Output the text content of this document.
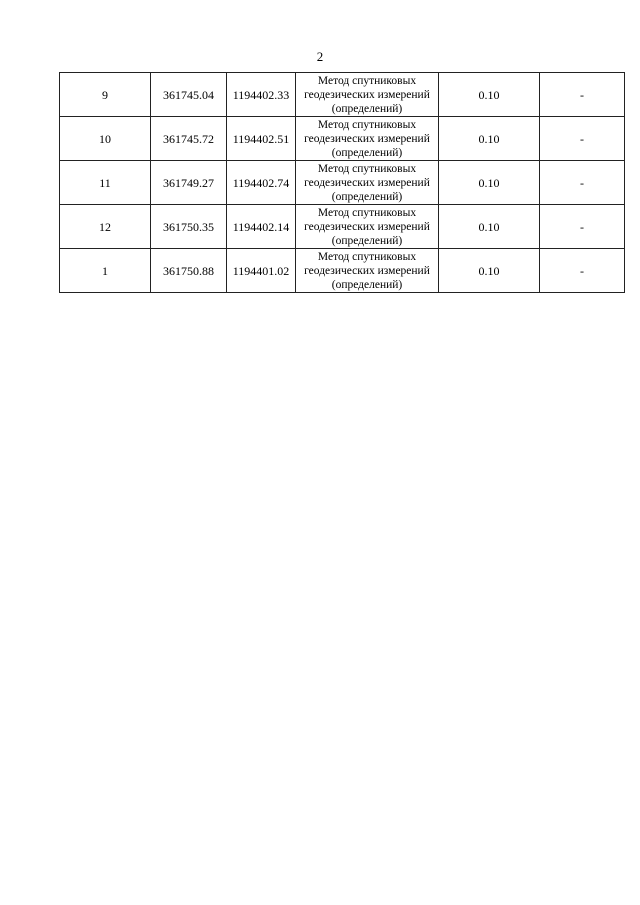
2
9	361745.04	1194402.33	Метод спутниковых
геодезических измерений
(определений)	0.10	-
10	361745.72	1194402.51	Метод спутниковых
геодезических измерений
(определений)	0.10	-
11	361749.27	1194402.74	Метод спутниковых
геодезических измерений
(определений)	0.10	-
12	361750.35	1194402.14	Метод спутниковых
геодезических измерений
(определений)	0.10	-
1	361750.88	1194401.02	Метод спутниковых
геодезических измерений
(определений)	0.10	-
